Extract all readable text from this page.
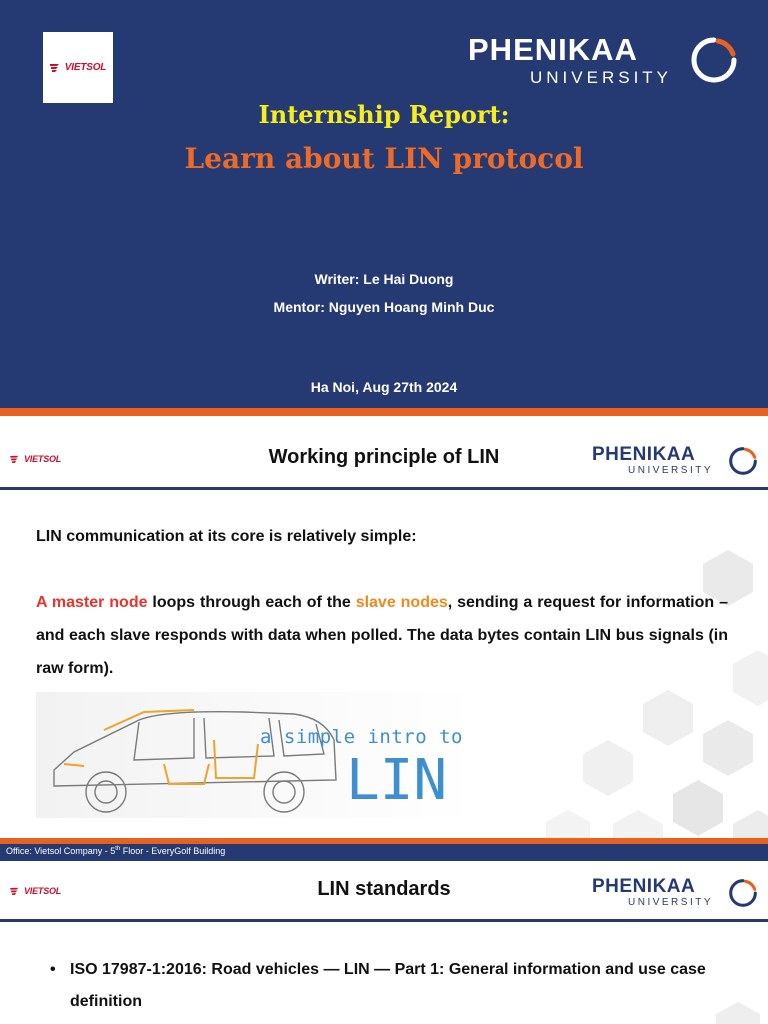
VIETSOL
PHENIKAA
UNIVERSITY
Internship Report:
Learn about LIN protocol
Writer: Le Hai Duong
Mentor: Nguyen Hoang Minh Duc
Ha Noi, Aug 27th 2024
VIETSOL	Working principle of LIN	PHENIKAA
UNIVERSITY
LIN communication at its core is relatively simple:
A master node loops through each of the slave nodes, sending a request for information – and each slave responds with data when polled. The data bytes contain LIN bus signals (in raw form).
a simple intro to
LIN
Office: Vietsol Company - 5th Floor - EveryGolf Building
VIETSOL	LIN standards	PHENIKAA
UNIVERSITY
• ISO 17987-1:2016: Road vehicles — LIN — Part 1: General information and use case definition
